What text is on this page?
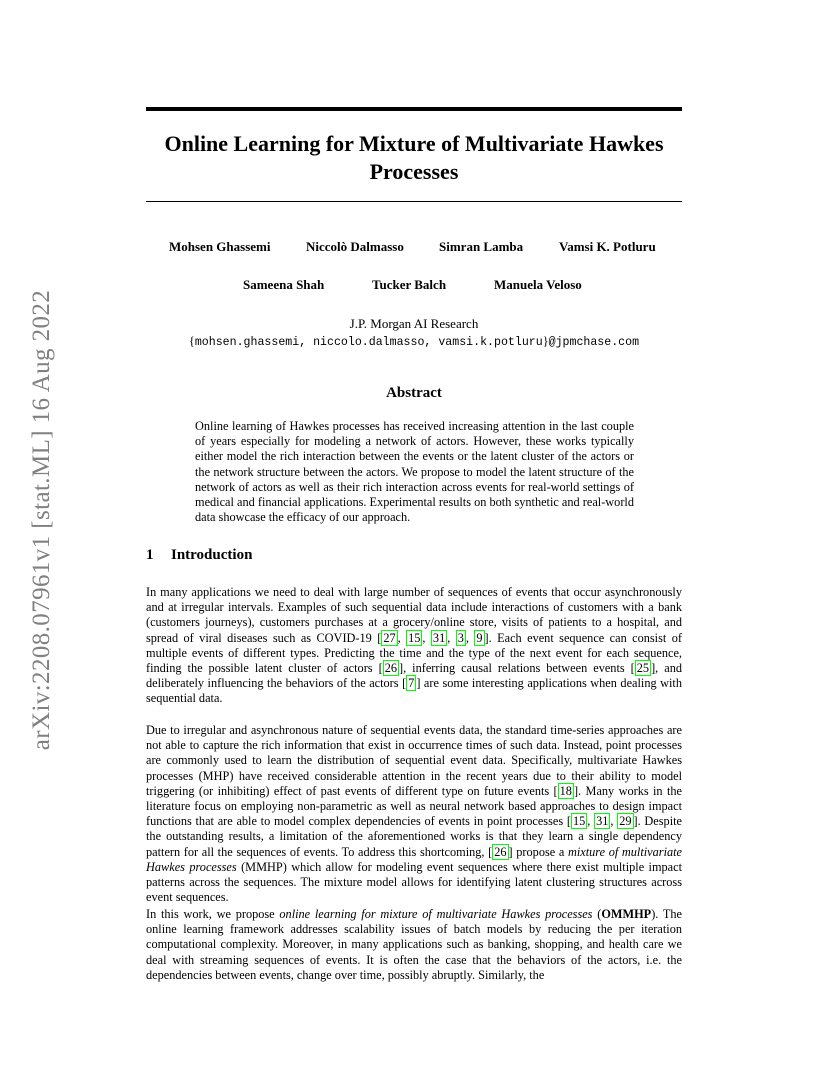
arXiv:2208.07961v1 [stat.ML] 16 Aug 2022
Online Learning for Mixture of Multivariate Hawkes Processes
Mohsen Ghassemi	Niccolò Dalmasso	Simran Lamba	Vamsi K. Potluru
Sameena Shah	Tucker Balch	Manuela Veloso
J.P. Morgan AI Research
{mohsen.ghassemi, niccolo.dalmasso, vamsi.k.potluru}@jpmchase.com
Abstract
Online learning of Hawkes processes has received increasing attention in the last couple of years especially for modeling a network of actors. However, these works typically either model the rich interaction between the events or the latent cluster of the actors or the network structure between the actors. We propose to model the latent structure of the network of actors as well as their rich interaction across events for real-world settings of medical and financial applications. Experimental results on both synthetic and real-world data showcase the efficacy of our approach.
1 Introduction
In many applications we need to deal with large number of sequences of events that occur asynchronously and at irregular intervals. Examples of such sequential data include interactions of customers with a bank (customers journeys), customers purchases at a grocery/online store, visits of patients to a hospital, and spread of viral diseases such as COVID-19 [ 27 , 15 , 31 , 3 , 9 ]. Each event sequence can consist of multiple events of different types. Predicting the time and the type of the next event for each sequence, finding the possible latent cluster of actors [ 26 ], inferring causal relations between events [ 25 ], and deliberately influencing the behaviors of the actors [ 7 ] are some interesting applications when dealing with sequential data.
Due to irregular and asynchronous nature of sequential events data, the standard time-series approaches are not able to capture the rich information that exist in occurrence times of such data. Instead, point processes are commonly used to learn the distribution of sequential event data. Specifically, multivariate Hawkes processes (MHP) have received considerable attention in the recent years due to their ability to model triggering (or inhibiting) effect of past events of different type on future events [ 18 ]. Many works in the literature focus on employing non-parametric as well as neural network based approaches to design impact functions that are able to model complex dependencies of events in point processes [ 15 , 31 , 29 ]. Despite the outstanding results, a limitation of the aforementioned works is that they learn a single dependency pattern for all the sequences of events. To address this shortcoming, [ 26 ] propose a mixture of multivariate Hawkes processes (MMHP) which allow for modeling event sequences where there exist multiple impact patterns across the sequences. The mixture model allows for identifying latent clustering structures across event sequences.
In this work, we propose online learning for mixture of multivariate Hawkes processes (OMMHP). The online learning framework addresses scalability issues of batch models by reducing the per iteration computational complexity. Moreover, in many applications such as banking, shopping, and health care we deal with streaming sequences of events. It is often the case that the behaviors of the actors, i.e. the dependencies between events, change over time, possibly abruptly. Similarly, the
